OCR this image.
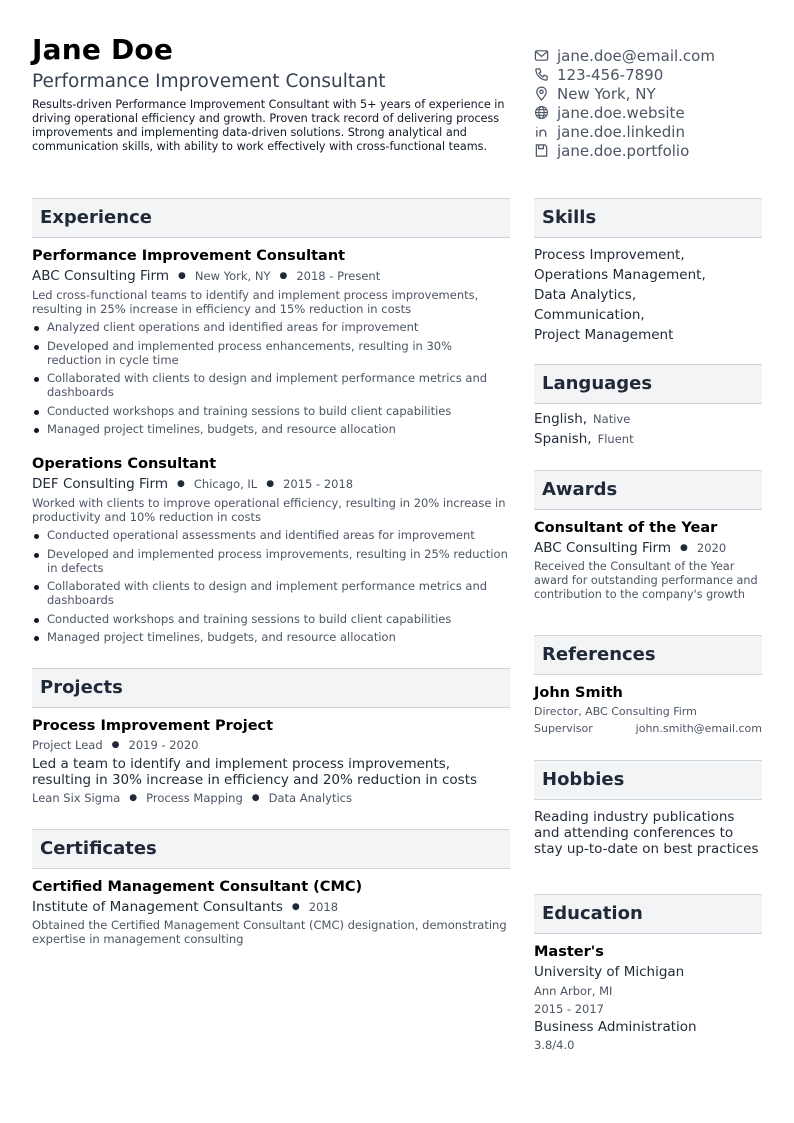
Jane Doe
Performance Improvement Consultant
Results-driven Performance Improvement Consultant with 5+ years of experience in driving operational efficiency and growth. Proven track record of delivering process improvements and implementing data-driven solutions. Strong analytical and communication skills, with ability to work effectively with cross-functional teams.
jane.doe@email.com
123-456-7890
New York, NY
jane.doe.website
jane.doe.linkedin
jane.doe.portfolio
Experience
Performance Improvement Consultant
ABC Consulting Firm ● New York, NY ● 2018 - Present
Led cross-functional teams to identify and implement process improvements, resulting in 25% increase in efficiency and 15% reduction in costs
Analyzed client operations and identified areas for improvement
Developed and implemented process enhancements, resulting in 30% reduction in cycle time
Collaborated with clients to design and implement performance metrics and dashboards
Conducted workshops and training sessions to build client capabilities
Managed project timelines, budgets, and resource allocation
Operations Consultant
DEF Consulting Firm ● Chicago, IL ● 2015 - 2018
Worked with clients to improve operational efficiency, resulting in 20% increase in productivity and 10% reduction in costs
Conducted operational assessments and identified areas for improvement
Developed and implemented process improvements, resulting in 25% reduction in defects
Collaborated with clients to design and implement performance metrics and dashboards
Conducted workshops and training sessions to build client capabilities
Managed project timelines, budgets, and resource allocation
Projects
Process Improvement Project
Project Lead ● 2019 - 2020
Led a team to identify and implement process improvements, resulting in 30% increase in efficiency and 20% reduction in costs
Lean Six Sigma ● Process Mapping ● Data Analytics
Certificates
Certified Management Consultant (CMC)
Institute of Management Consultants ● 2018
Obtained the Certified Management Consultant (CMC) designation, demonstrating expertise in management consulting
Skills
Process Improvement,
Operations Management,
Data Analytics,
Communication,
Project Management
Languages
English, Native
Spanish, Fluent
Awards
Consultant of the Year
ABC Consulting Firm ● 2020
Received the Consultant of the Year award for outstanding performance and contribution to the company's growth
References
John Smith
Director, ABC Consulting Firm
Supervisor	john.smith@email.com
Hobbies
Reading industry publications and attending conferences to stay up-to-date on best practices
Education
Master's
University of Michigan
Ann Arbor, MI
2015 - 2017
Business Administration
3.8/4.0
